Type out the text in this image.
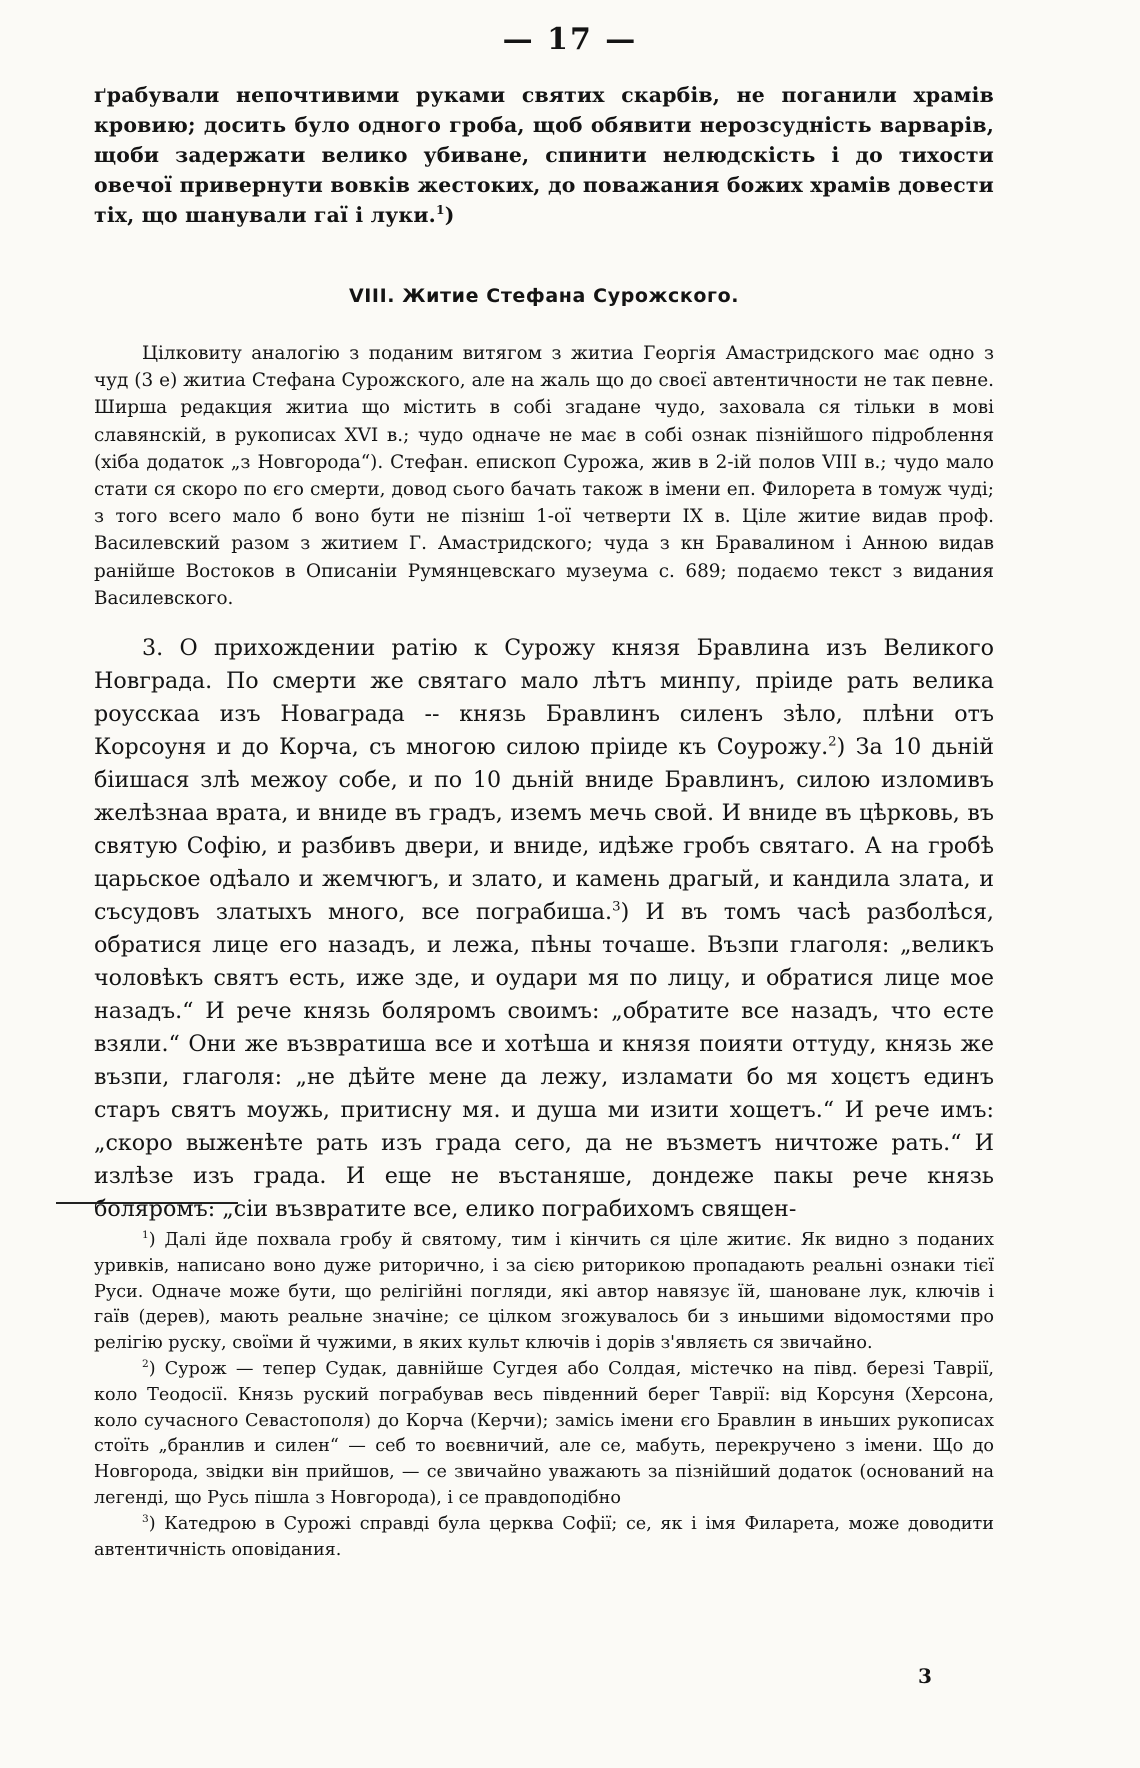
— 17 —
ґрабували непочтивими руками святих скарбів, не поганили храмів кровию; досить було одного гроба, щоб обявити нерозсудність варварів, щоби задержати велико убиване, спинити нелюдскість і до тихости овечої привернути вовків жестоких, до поважания божих храмів довести тіх, що шанували гаї і луки.$^1$)
VIII. Житие Стефана Сурожского.
Цілковиту аналогію з поданим витягом з житиа Георгія Амастридского має одно з чуд (3 е) житиа Стефана Сурожского, але на жаль що до своєї автентичности не так певне. Ширша редакция житиа що містить в собі згадане чудо, заховала ся тільки в мові славянскій, в рукописах XVI в.; чудо одначе не має в собі ознак пізнійшого підроблення (хіба додаток „з Новгорода“). Стефан. епископ Сурожа, жив в 2-ій полов VIII в.; чудо мало стати ся скоро по єго смерти, довод сього бачать також в імени еп. Филорета в томуж чуді; з того всего мало б воно бути не пізніш 1-ої четверти IX в. Ціле житие видав проф. Василевский разом з житием Г. Амастридского; чуда з кн Бравалином і Анною видав ранійше Востоков в Описаніи Румянцевскаго музеума с. 689; подаємо текст з видания Василевского.
3. О прихождении ратію к Сурожу князя Бравлина изъ Великого Новграда. По смерти же святаго мало лѣтъ минпу, пріиде рать велика роусскаа изъ Новаграда -- князь Бравлинъ силенъ зѣло, плѣни отъ Корсоуня и до Корча, съ многою силою пріиде къ Соурожу.$^2$) За 10 дьній біишася злѣ межоу собе, и по 10 дьній вниде Бравлинъ, силою изломивъ желѣзнаа врата, и вниде въ градъ, иземъ мечь свой. И вниде въ цѣрковь, въ святую Софію, и разбивъ двери, и вниде, идѣже гробъ святаго. А на гробѣ царьское одѣало и жемчюгъ, и злато, и камень драгый, и кандила злата, и съсудовъ златыхъ много, все пограбиша.$^3$) И въ томъ часѣ разболѣся, обратися лице его назадъ, и лежа, пѣны точаше. Възпи глаголя: „великъ чоловѣкъ святъ есть, иже зде, и оудари мя по лицу, и обратися лице мое назадъ.“ И рече князь болярoмъ своимъ: „обратите все назадъ, что есте взяли.“ Они же възвратиша все и хотѣша и князя поияти оттуду, князь же възпи, глаголя: „не дѣйте мене да лежу, изламати бо мя хоцєтъ единъ старъ святъ моужь, притисну мя. и душа ми изити хощетъ.“ И рече имъ: „скоро выженѣте рать изъ града сего, да не възметъ ничтоже рать.“ И излѣзе изъ града. И еще не въстаняше, дондеже пакы рече князь болярoмъ: „сіи възвратите все, елико пограбихомъ священ-

$^1$) Далі йде похвала гробу й святому, тим і кінчить ся ціле житиє. Як видно з поданих уривків, написано воно дуже риторично, і за сією риторикою пропадають реальні ознаки тієї Руси. Одначе може бути, що релігійні погляди, які автор навязує їй, шановане лук, ключів і гаїв (дерев), мають реальне значіне; се цілком згожувалось би з иньшими відомостями про релігію руску, своїми й чужими, в яких культ ключів і дорів з'являєть ся звичайно.

$^2$) Сурож — тепер Судак, давнійше Сугдея або Солдая, містечко на півд. березі Таврії, коло Теодосії. Князь руский пограбував весь південний берег Таврії: від Корсуня (Херсона, коло сучасного Севастополя) до Корча (Керчи); замісь імени єго Бравлин в иньших рукописах стоїть „бранлив и силен“ — себ то воєвничий, але се, мабуть, перекручено з імени. Що до Новгорода, звідки він прийшов, — се звичайно уважають за пізнійший додаток (оснований на легенді, що Русь пішла з Новгорода), і се правдоподібно

$^3$) Катедрою в Сурожі справді була церква Софії; се, як і імя Филарета, може доводити автентичність оповідания.

3
